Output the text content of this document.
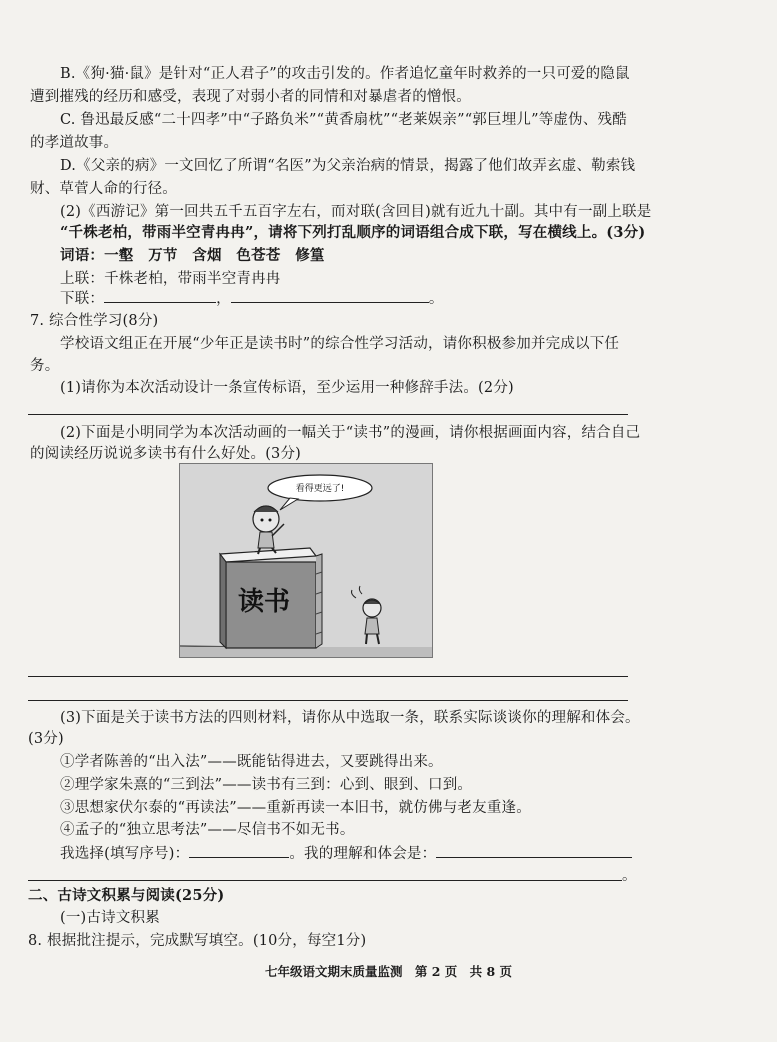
B.《狗·猫·鼠》是针对“正人君子”的攻击引发的。作者追忆童年时救养的一只可爱的隐鼠
遭到摧残的经历和感受，表现了对弱小者的同情和对暴虐者的憎恨。
C. 鲁迅最反感“二十四孝”中“子路负米”“黄香扇枕”“老莱娱亲”“郭巨埋儿”等虚伪、残酷
的孝道故事。
D.《父亲的病》一文回忆了所谓“名医”为父亲治病的情景，揭露了他们故弄玄虚、勒索钱
财、草菅人命的行径。
(2)《西游记》第一回共五千五百字左右，而对联(含回目)就有近九十副。其中有一副上联是
“千株老柏，带雨半空青冉冉”，请将下列打乱顺序的词语组合成下联，写在横线上。(3分)
词语：一壑　万节　含烟　色苍苍　修篁
上联：千株老柏，带雨半空青冉冉
下联：	，	。
7. 综合性学习(8分)
学校语文组正在开展“少年正是读书时”的综合性学习活动，请你积极参加并完成以下任
务。
(1)请你为本次活动设计一条宣传标语，至少运用一种修辞手法。(2分)
(2)下面是小明同学为本次活动画的一幅关于“读书”的漫画，请你根据画面内容，结合自己
的阅读经历说说多读书有什么好处。(3分)
看得更远了!
读书
(3)下面是关于读书方法的四则材料，请你从中选取一条，联系实际谈谈你的理解和体会。
(3分)
①学者陈善的“出入法”——既能钻得进去，又要跳得出来。
②理学家朱熹的“三到法”——读书有三到：心到、眼到、口到。
③思想家伏尔泰的“再读法”——重新再读一本旧书，就仿佛与老友重逢。
④孟子的“独立思考法”——尽信书不如无书。
我选择(填写序号)：	。我的理解和体会是：
。
二、古诗文积累与阅读(25分)
(一)古诗文积累
8. 根据批注提示，完成默写填空。(10分，每空1分)
七年级语文期末质量监测 第 2 页 共 8 页
